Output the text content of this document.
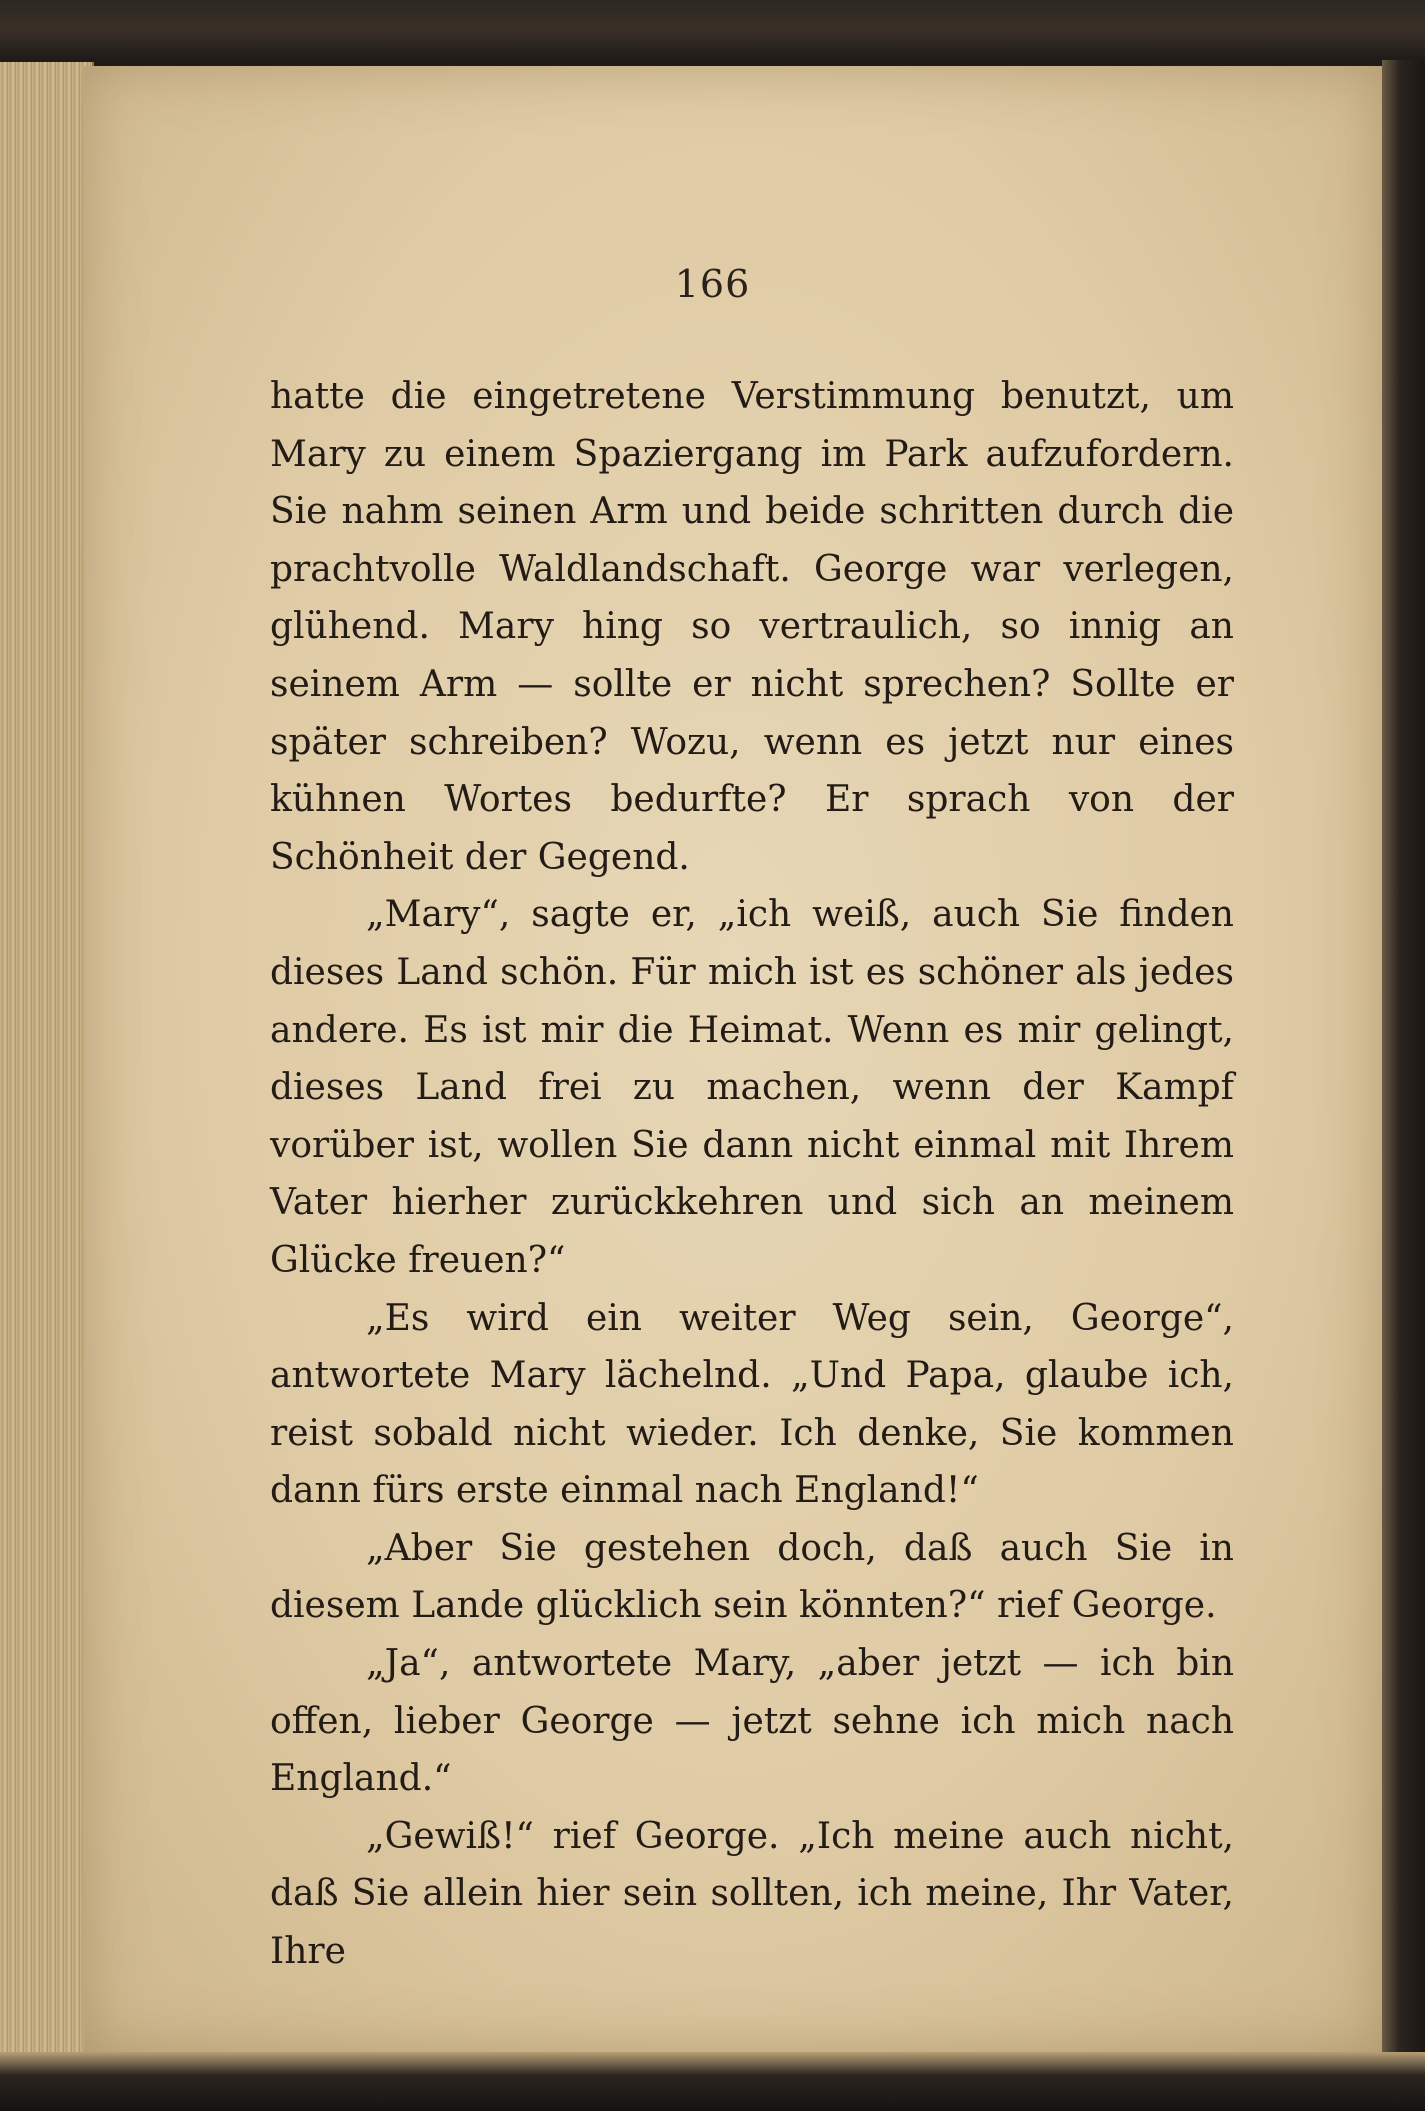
166

hatte die eingetretene Verstimmung benutzt, um Mary zu einem Spaziergang im Park aufzufordern. Sie nahm seinen Arm und beide schritten durch die prachtvolle Waldlandschaft. George war verlegen, glühend. Mary hing so vertraulich, so innig an seinem Arm — sollte er nicht sprechen? Sollte er später schreiben? Wozu, wenn es jetzt nur eines kühnen Wortes bedurfte? Er sprach von der Schönheit der Gegend.

„Mary“, sagte er, „ich weiß, auch Sie finden dieses Land schön. Für mich ist es schöner als jedes andere. Es ist mir die Heimat. Wenn es mir gelingt, dieses Land frei zu machen, wenn der Kampf vorüber ist, wollen Sie dann nicht einmal mit Ihrem Vater hierher zurückkehren und sich an meinem Glücke freuen?“

„Es wird ein weiter Weg sein, George“, antwortete Mary lächelnd. „Und Papa, glaube ich, reist sobald nicht wieder. Ich denke, Sie kommen dann fürs erste einmal nach England!“

„Aber Sie gestehen doch, daß auch Sie in diesem Lande glücklich sein könnten?“ rief George.

„Ja“, antwortete Mary, „aber jetzt — ich bin offen, lieber George — jetzt sehne ich mich nach England.“

„Gewiß!“ rief George. „Ich meine auch nicht, daß Sie allein hier sein sollten, ich meine, Ihr Vater, Ihre
